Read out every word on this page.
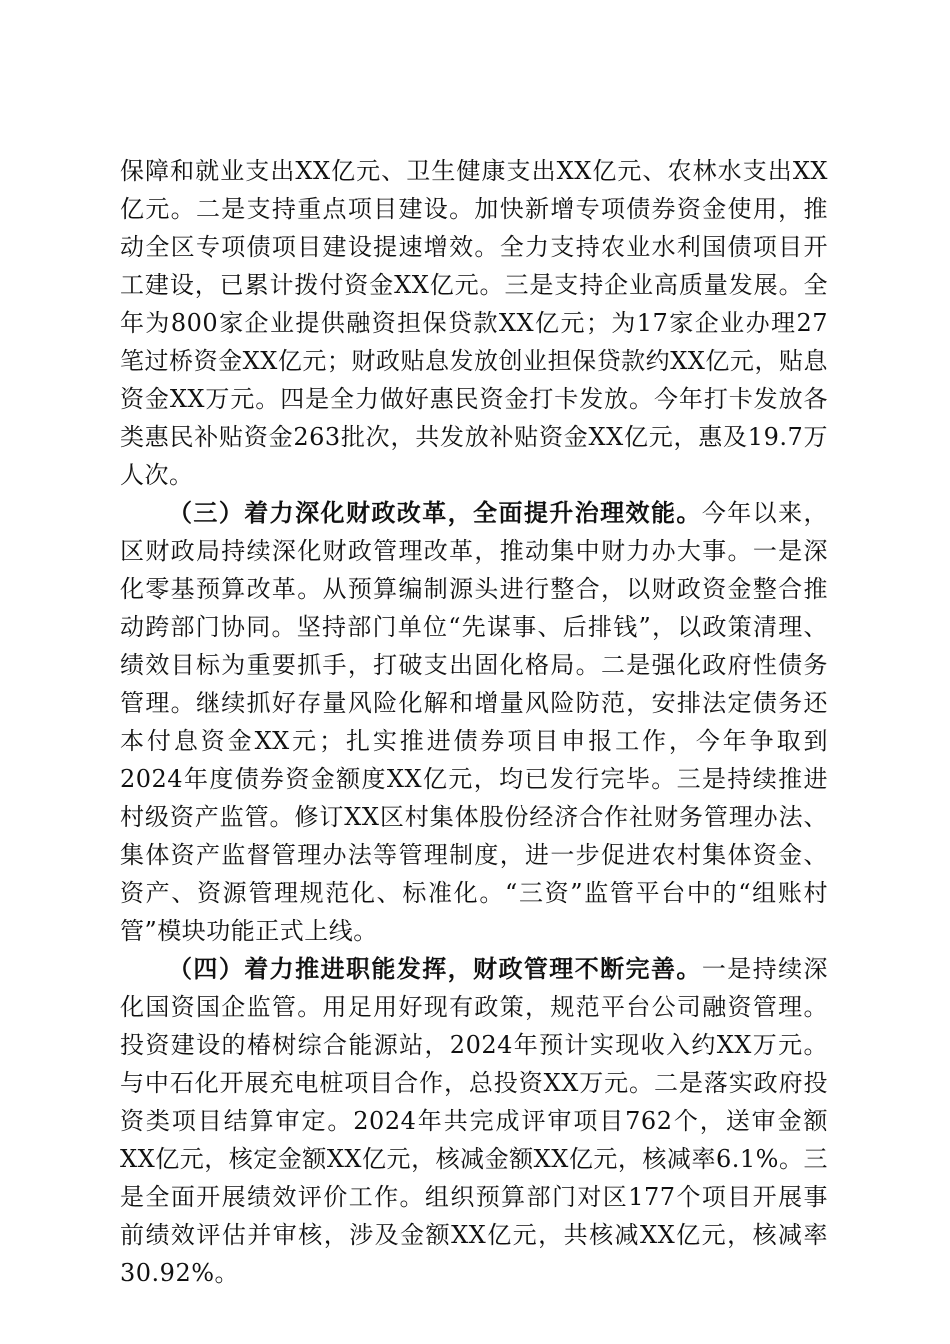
保障和就业支出XX亿元、卫生健康支出XX亿元、农林水支出XX亿元。二是支持重点项目建设。加快新增专项债券资金使用，推动全区专项债项目建设提速增效。全力支持农业水利国债项目开工建设，已累计拨付资金XX亿元。三是支持企业高质量发展。全年为800家企业提供融资担保贷款XX亿元；为17家企业办理27笔过桥资金XX亿元；财政贴息发放创业担保贷款约XX亿元，贴息资金XX万元。四是全力做好惠民资金打卡发放。今年打卡发放各类惠民补贴资金263批次，共发放补贴资金XX亿元，惠及19.7万人次。

（三）着力深化财政改革，全面提升治理效能。今年以来，区财政局持续深化财政管理改革，推动集中财力办大事。一是深化零基预算改革。从预算编制源头进行整合，以财政资金整合推动跨部门协同。坚持部门单位“先谋事、后排钱”，以政策清理、绩效目标为重要抓手，打破支出固化格局。二是强化政府性债务管理。继续抓好存量风险化解和增量风险防范，安排法定债务还本付息资金XX元；扎实推进债券项目申报工作，今年争取到2024年度债券资金额度XX亿元，均已发行完毕。三是持续推进村级资产监管。修订XX区村集体股份经济合作社财务管理办法、集体资产监督管理办法等管理制度，进一步促进农村集体资金、资产、资源管理规范化、标准化。“三资”监管平台中的“组账村管”模块功能正式上线。

（四）着力推进职能发挥，财政管理不断完善。一是持续深化国资国企监管。用足用好现有政策，规范平台公司融资管理。投资建设的椿树综合能源站，2024年预计实现收入约XX万元。与中石化开展充电桩项目合作，总投资XX万元。二是落实政府投资类项目结算审定。2024年共完成评审项目762个，送审金额XX亿元，核定金额XX亿元，核减金额XX亿元，核减率6.1%。三是全面开展绩效评价工作。组织预算部门对区177个项目开展事前绩效评估并审核，涉及金额XX亿元，共核减XX亿元，核减率30.92%。
